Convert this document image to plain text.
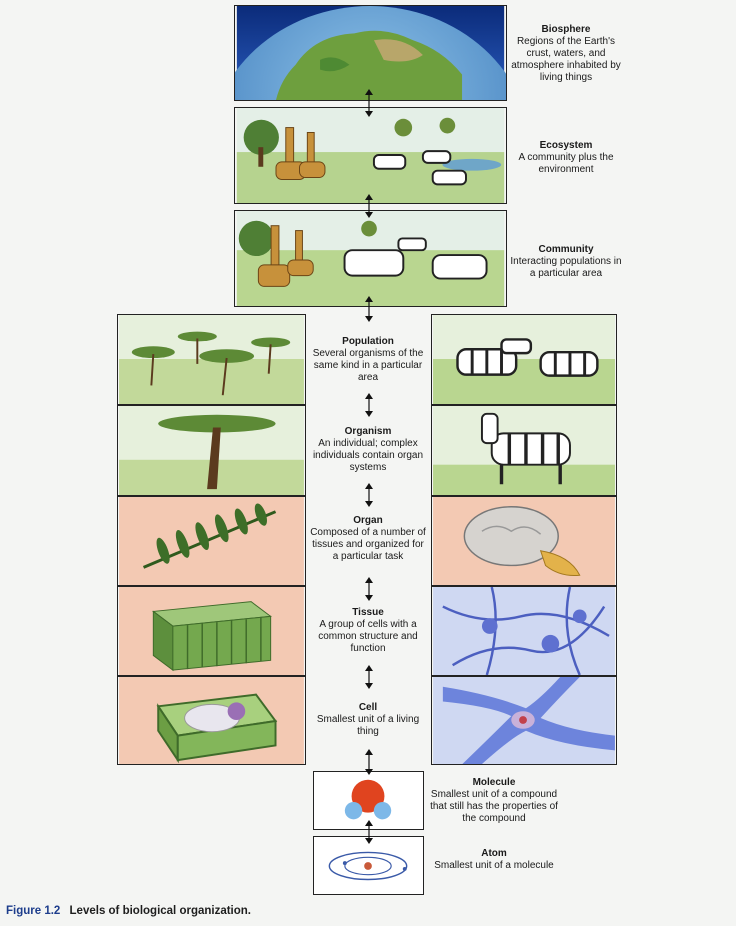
Biosphere
Regions of the Earth's crust, waters, and atmosphere inhabited by living things
Ecosystem
A community plus the environment
Community
Interacting populations in a particular area
Population
Several organisms of the same kind in a particular area
Organism
An individual; complex individuals contain organ systems
Organ
Composed of a number of tissues and organized for a particular task
Tissue
A group of cells with a common structure and function
Cell
Smallest unit of a living thing
Molecule
Smallest unit of a compound that still has the properties of the compound
Atom
Smallest unit of a molecule
Figure 1.2 Levels of biological organization.
